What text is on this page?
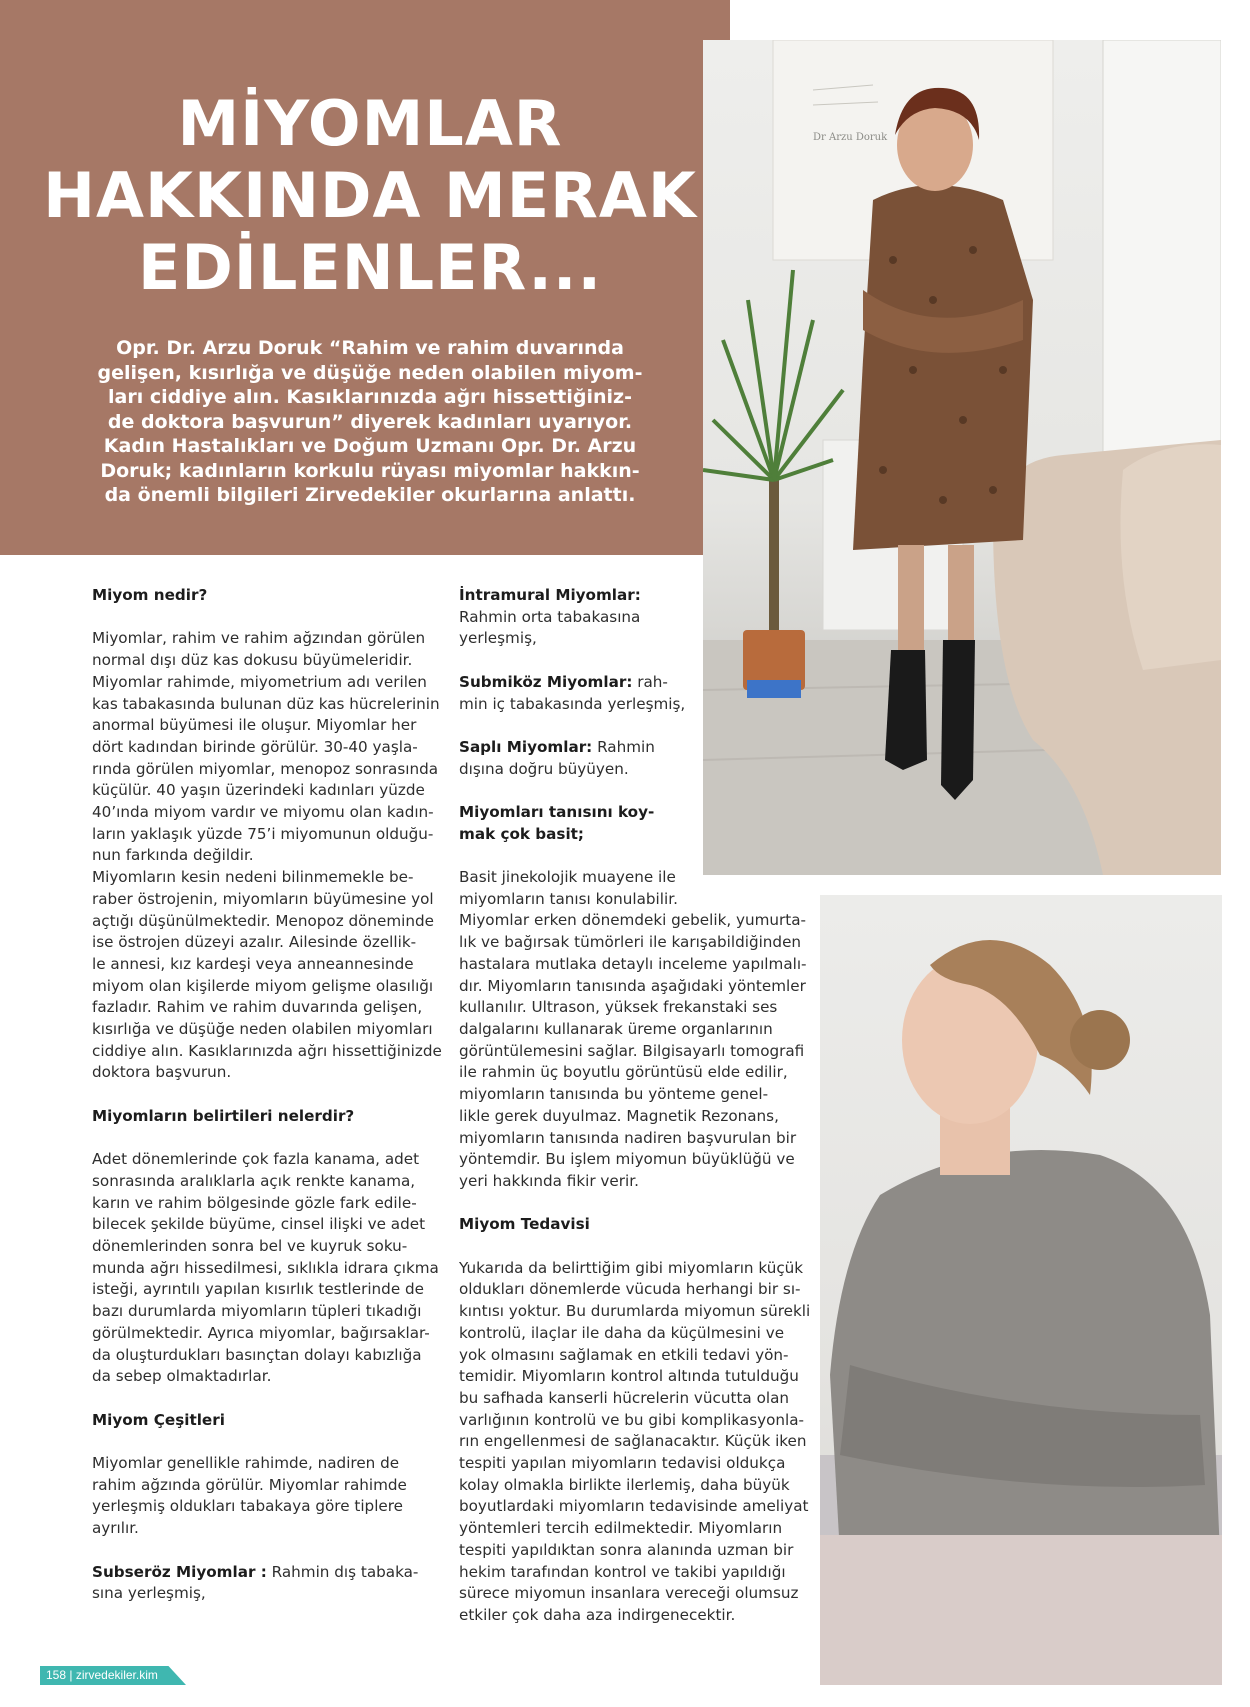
MİYOMLAR
HAKKINDA MERAK
EDİLENLER...
Opr. Dr. Arzu Doruk “Rahim ve rahim duvarında
gelişen, kısırlığa ve düşüğe neden olabilen miyom-
ları ciddiye alın. Kasıklarınızda ağrı hissettiğiniz-
de doktora başvurun” diyerek kadınları uyarıyor.
Kadın Hastalıkları ve Doğum Uzmanı Opr. Dr. Arzu
Doruk; kadınların korkulu rüyası miyomlar hakkın-
da önemli bilgileri Zirvedekiler okurlarına anlattı.
Dr Arzu Doruk
Miyom nedir?
Miyomlar, rahim ve rahim ağzından görülen
normal dışı düz kas dokusu büyümeleridir.
Miyomlar rahimde, miyometrium adı verilen
kas tabakasında bulunan düz kas hücrelerinin
anormal büyümesi ile oluşur. Miyomlar her
dört kadından birinde görülür. 30-40 yaşla-
rında görülen miyomlar, menopoz sonrasında
küçülür. 40 yaşın üzerindeki kadınları yüzde
40’ında miyom vardır ve miyomu olan kadın-
ların yaklaşık yüzde 75’i miyomunun olduğu-
nun farkında değildir.
Miyomların kesin nedeni bilinmemekle be-
raber östrojenin, miyomların büyümesine yol
açtığı düşünülmektedir. Menopoz döneminde
ise östrojen düzeyi azalır. Ailesinde özellik-
le annesi, kız kardeşi veya anneannesinde
miyom olan kişilerde miyom gelişme olasılığı
fazladır. Rahim ve rahim duvarında gelişen,
kısırlığa ve düşüğe neden olabilen miyomları
ciddiye alın. Kasıklarınızda ağrı hissettiğinizde
doktora başvurun.
Miyomların belirtileri nelerdir?
Adet dönemlerinde çok fazla kanama, adet
sonrasında aralıklarla açık renkte kanama,
karın ve rahim bölgesinde gözle fark edile-
bilecek şekilde büyüme, cinsel ilişki ve adet
dönemlerinden sonra bel ve kuyruk soku-
munda ağrı hissedilmesi, sıklıkla idrara çıkma
isteği, ayrıntılı yapılan kısırlık testlerinde de
bazı durumlarda miyomların tüpleri tıkadığı
görülmektedir. Ayrıca miyomlar, bağırsaklar-
da oluşturdukları basınçtan dolayı kabızlığa
da sebep olmaktadırlar.
Miyom Çeşitleri
Miyomlar genellikle rahimde, nadiren de
rahim ağzında görülür. Miyomlar rahimde
yerleşmiş oldukları tabakaya göre tiplere
ayrılır.
Subseröz Miyomlar : Rahmin dış tabaka-
sına yerleşmiş,
İntramural Miyomlar:
Rahmin orta tabakasına
yerleşmiş,
Submiköz Miyomlar: rah-
min iç tabakasında yerleşmiş,
Saplı Miyomlar: Rahmin
dışına doğru büyüyen.
Miyomları tanısını koy-
mak çok basit;
Basit jinekolojik muayene ile
miyomların tanısı konulabilir.
Miyomlar erken dönemdeki gebelik, yumurta-
lık ve bağırsak tümörleri ile karışabildiğinden
hastalara mutlaka detaylı inceleme yapılmalı-
dır. Miyomların tanısında aşağıdaki yöntemler
kullanılır. Ultrason, yüksek frekanstaki ses
dalgalarını kullanarak üreme organlarının
görüntülemesini sağlar. Bilgisayarlı tomografi
ile rahmin üç boyutlu görüntüsü elde edilir,
miyomların tanısında bu yönteme genel-
likle gerek duyulmaz. Magnetik Rezonans,
miyomların tanısında nadiren başvurulan bir
yöntemdir. Bu işlem miyomun büyüklüğü ve
yeri hakkında fikir verir.
Miyom Tedavisi
Yukarıda da belirttiğim gibi miyomların küçük
oldukları dönemlerde vücuda herhangi bir sı-
kıntısı yoktur. Bu durumlarda miyomun sürekli
kontrolü, ilaçlar ile daha da küçülmesini ve
yok olmasını sağlamak en etkili tedavi yön-
temidir. Miyomların kontrol altında tutulduğu
bu safhada kanserli hücrelerin vücutta olan
varlığının kontrolü ve bu gibi komplikasyonla-
rın engellenmesi de sağlanacaktır. Küçük iken
tespiti yapılan miyomların tedavisi oldukça
kolay olmakla birlikte ilerlemiş, daha büyük
boyutlardaki miyomların tedavisinde ameliyat
yöntemleri tercih edilmektedir. Miyomların
tespiti yapıldıktan sonra alanında uzman bir
hekim tarafından kontrol ve takibi yapıldığı
sürece miyomun insanlara vereceği olumsuz
etkiler çok daha aza indirgenecektir.
158 | zirvedekiler.kim
